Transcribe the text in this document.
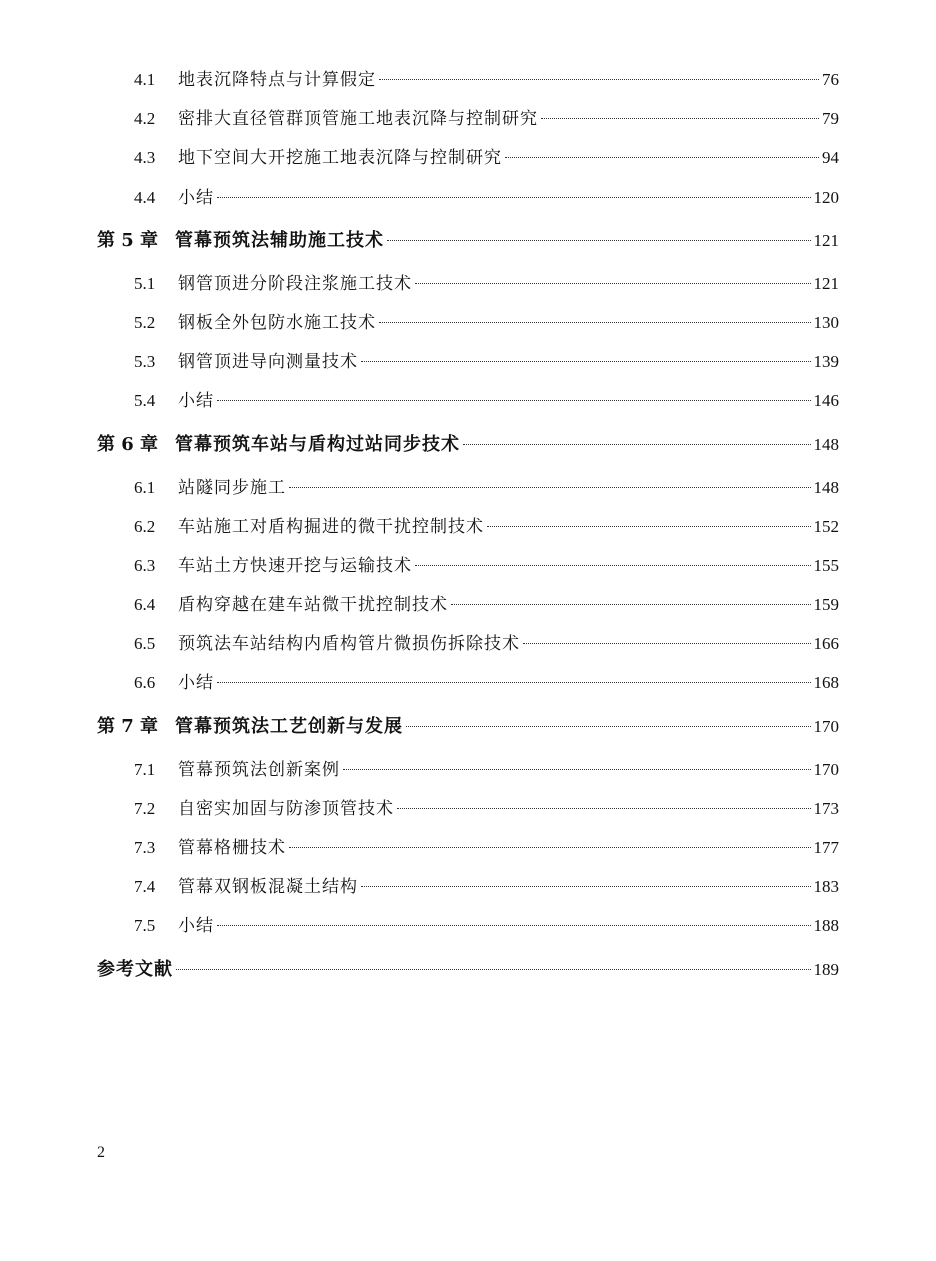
4.1	地表沉降特点与计算假定	76
4.2	密排大直径管群顶管施工地表沉降与控制研究	79
4.3	地下空间大开挖施工地表沉降与控制研究	94
4.4	小结	120
第 5 章 管幕预筑法辅助施工技术	121
5.1	钢管顶进分阶段注浆施工技术	121
5.2	钢板全外包防水施工技术	130
5.3	钢管顶进导向测量技术	139
5.4	小结	146
第 6 章 管幕预筑车站与盾构过站同步技术	148
6.1	站隧同步施工	148
6.2	车站施工对盾构掘进的微干扰控制技术	152
6.3	车站土方快速开挖与运输技术	155
6.4	盾构穿越在建车站微干扰控制技术	159
6.5	预筑法车站结构内盾构管片微损伤拆除技术	166
6.6	小结	168
第 7 章 管幕预筑法工艺创新与发展	170
7.1	管幕预筑法创新案例	170
7.2	自密实加固与防渗顶管技术	173
7.3	管幕格栅技术	177
7.4	管幕双钢板混凝土结构	183
7.5	小结	188
参考文献	189
2
